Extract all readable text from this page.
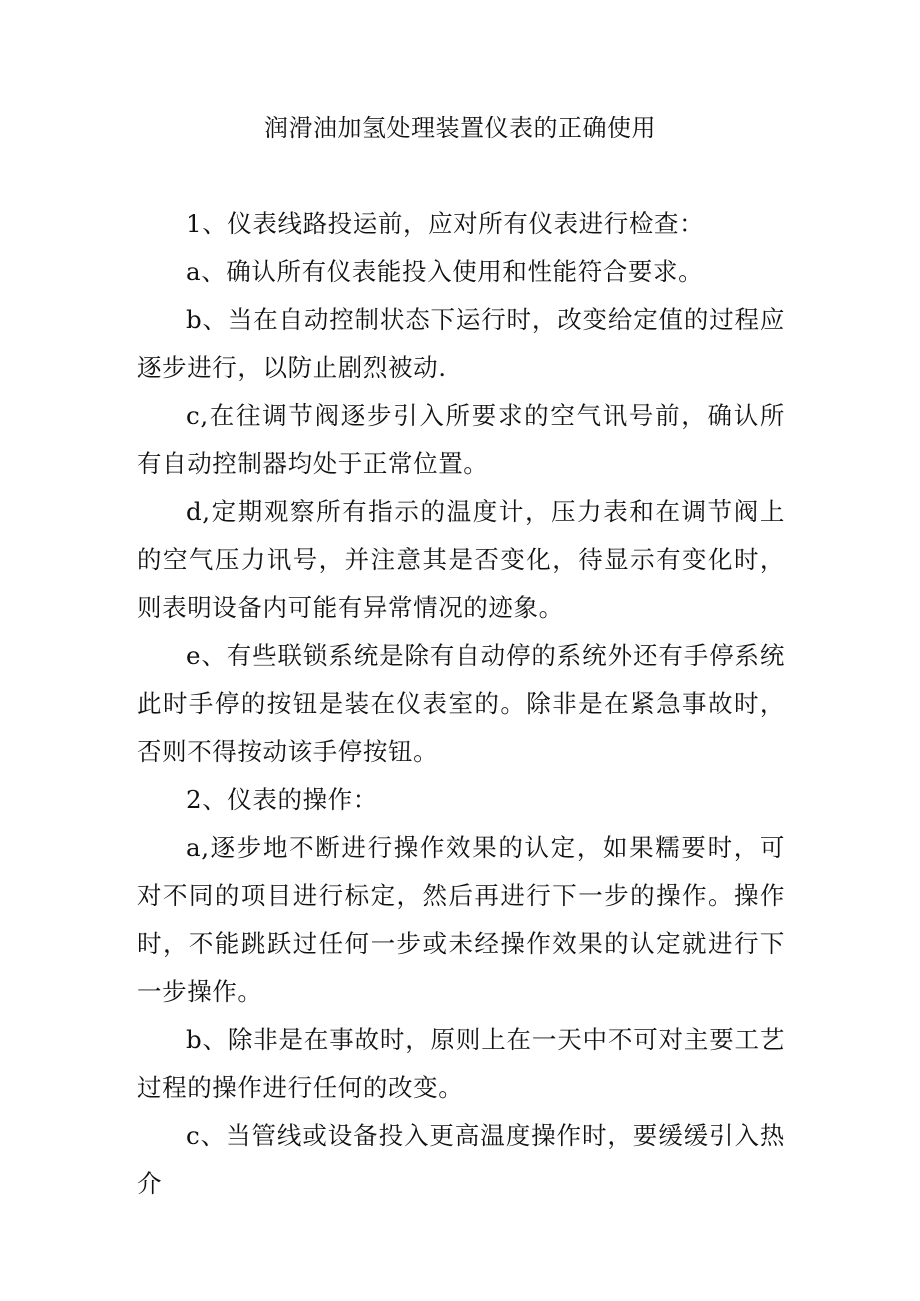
润滑油加氢处理装置仪表的正确使用

1、仪表线路投运前，应对所有仪表进行检查：

a、确认所有仪表能投入使用和性能符合要求。

b、当在自动控制状态下运行时，改变给定值的过程应逐步进行，以防止剧烈被动.

c,在往调节阀逐步引入所要求的空气讯号前，确认所有自动控制器均处于正常位置。

d,定期观察所有指示的温度计，压力表和在调节阀上的空气压力讯号，并注意其是否变化，待显示有变化时，则表明设备内可能有异常情况的迹象。

e、有些联锁系统是除有自动停的系统外还有手停系统此时手停的按钮是装在仪表室的。除非是在紧急事故时，否则不得按动该手停按钮。

2、仪表的操作：

a,逐步地不断进行操作效果的认定，如果糯要时，可对不同的项目进行标定，然后再进行下一步的操作。操作时，不能跳跃过任何一步或未经操作效果的认定就进行下一步操作。

b、除非是在事故时，原则上在一天中不可对主要工艺过程的操作进行任何的改变。

c、当管线或设备投入更高温度操作时，要缓缓引入热介
